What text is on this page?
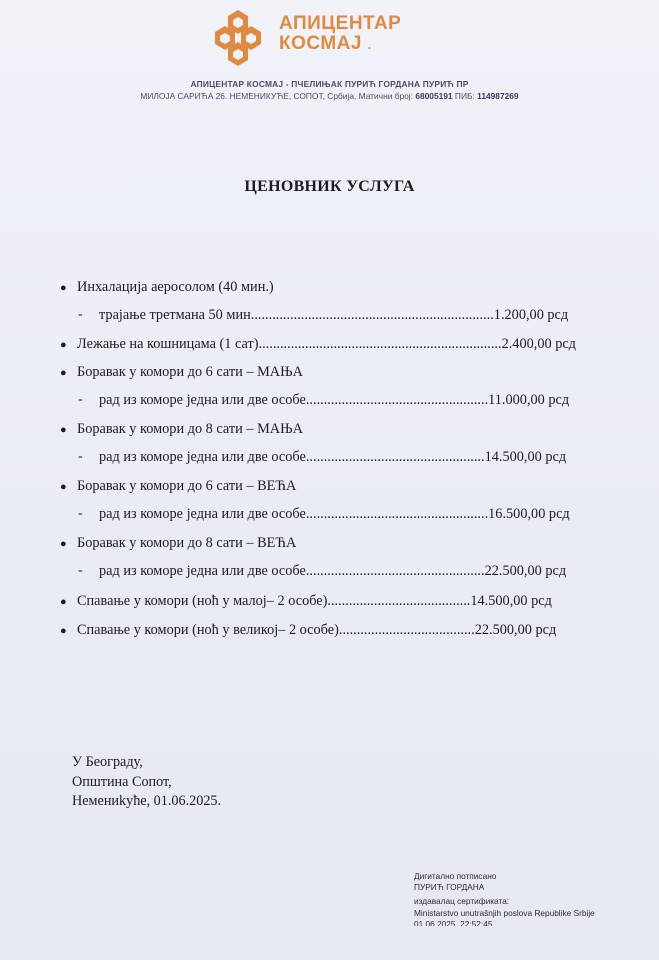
АПИЦЕНТАР
КОСМАЈ .
АПИЦЕНТАР КОСМАЈ - ПЧЕЛИЊАК ПУРИЋ ГОРДАНА ПУРИЋ ПР
МИЛОЈА САРИЋА 26. НЕМЕНИКУЋЕ, СОПОТ, Србија, Матични број: 68005191 ПИБ: 114987269
ЦЕНОВНИК УСЛУГА
● Инхалација аеросолом (40 мин.)
- трајање третмана 50 мин....................................................................1.200,00 рсд
● Лежање на кошницама (1 сат)....................................................................2.400,00 рсд
● Боравак у комори до 6 сати – МАЊА
- рад из коморе једна или две особе...................................................11.000,00 рсд
● Боравак у комори до 8 сати – МАЊА
- рад из коморе једна или две особе..................................................14.500,00 рсд
● Боравак у комори до 6 сати – ВЕЋА
- рад из коморе једна или две особе...................................................16.500,00 рсд
● Боравак у комори до 8 сати – ВЕЋА
- рад из коморе једна или две особе..................................................22.500,00 рсд
● Спавање у комори (ноћ у малој– 2 особе)........................................14.500,00 рсд
● Спавање у комори (ноћ у великој– 2 особе)......................................22.500,00 рсд
У Београду,
Општина Сопот,
Немениkуће, 01.06.2025.
Дигитално потписано
ПУРИЋ ГОРДАНА
издавалац сертификата:
Ministarstvo unutrašnjih poslova Republike Srbije
01.06.2025. 22:52:45
